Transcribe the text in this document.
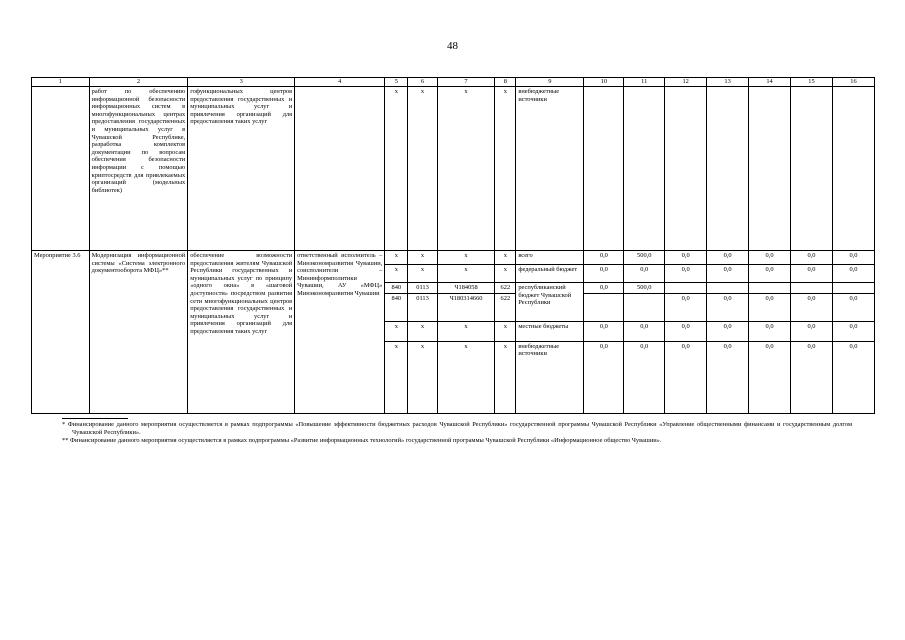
48
1	2	3	4	5	6	7	8	9	10	11	12	13	14	15	16
	работ по обеспечению информационной безопасности информационных систем в многофункциональных центрах предоставления государственных и муниципальных услуг в Чувашской Республике, разработка комплектов документации по вопросам обеспечения безопасности информации с помощью криптосредств для привлекаемых организаций (модельных библиотек)	гофункциональных центров предоставления государственных и муниципальных услуг и привлечения организаций для предоставления таких услуг		x	x	x	x	внебюджетные источники							
Мероприятие 3.6	Модернизация информационной системы «Система электронного документооборота МФЦ»**	обеспечение возможности предоставления жителям Чувашской Республики государственных и муниципальных услуг по принципу «одного окна» в «шаговой доступности» посредством развития сети многофункциональных центров предоставления государственных и муниципальных услуг и привлечения организаций для предоставления таких услуг	ответственный исполнитель – Минэкономразвития Чувашии, соисполнители – Мининформполитики Чувашии, АУ «МФЦ» Минэкономразвития Чувашии	x	x	x	x	всего	0,0	500,0	0,0	0,0	0,0	0,0	0,0
				x	x	x	x	федеральный бюджет	0,0	0,0	0,0	0,0	0,0	0,0	0,0
				840	0113	Ч184058	622	республиканский бюджет Чувашской Республики	0,0	500,0					
				840	0113	Ч180314660	622				0,0	0,0	0,0	0,0	0,0
				x	x	x	x	местные бюджеты	0,0	0,0	0,0	0,0	0,0	0,0	0,0
				x	x	x	x	внебюджетные источники	0,0	0,0	0,0	0,0	0,0	0,0	0,0

* Финансирование данного мероприятия осуществляется в рамках подпрограммы «Повышение эффективности бюджетных расходов Чувашской Республики» государственной программы Чувашской Республики «Управление общественными финансами и государственным долгом Чувашской Республики».

** Финансирование данного мероприятия осуществляется в рамках подпрограммы «Развитие информационных технологий» государственной программы Чувашской Республики «Информационное общество Чувашии».
